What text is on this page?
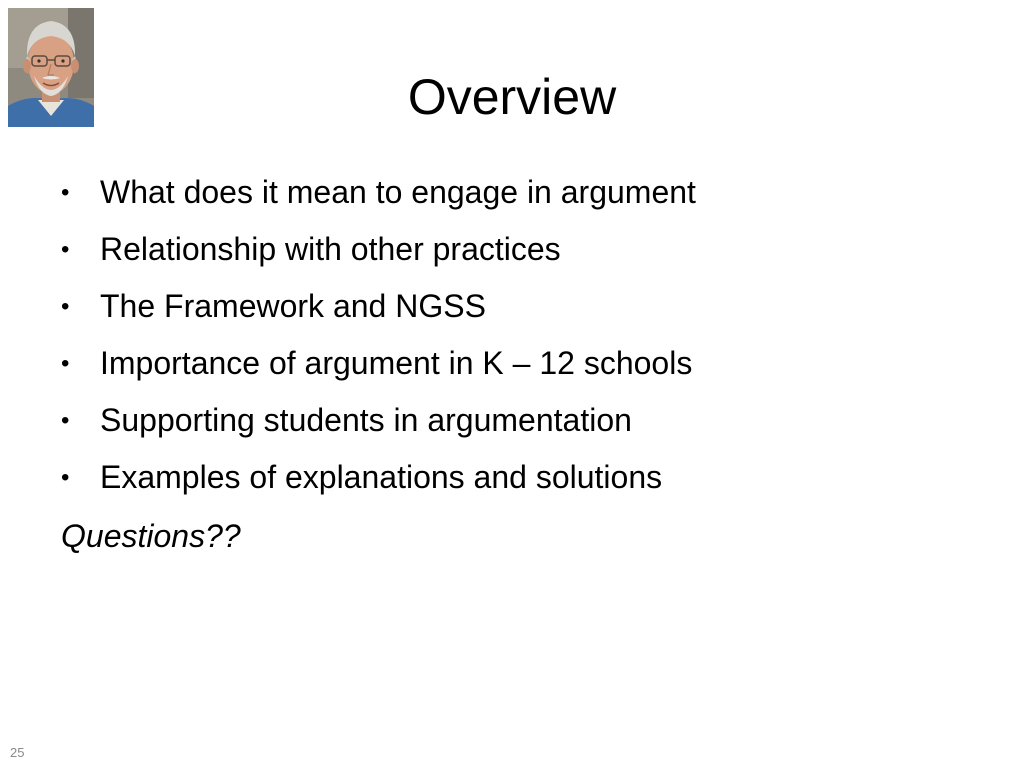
Overview
• What does it mean to engage in argument
• Relationship with other practices
• The Framework and NGSS
• Importance of argument in K – 12 schools
• Supporting students in argumentation
• Examples of explanations and solutions

Questions??

25
